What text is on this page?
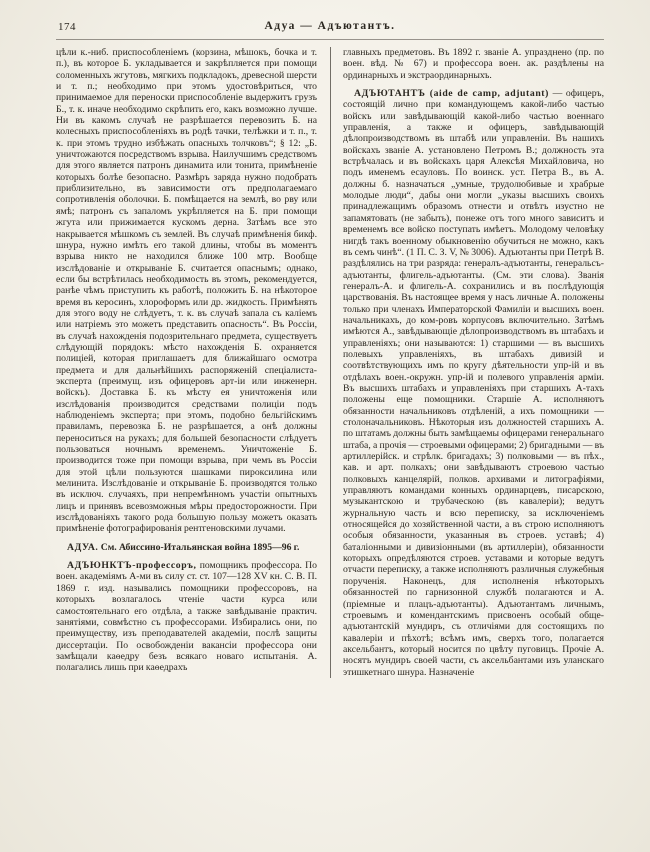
174	Адуа — Адъютантъ.

цѣли к.-ниб. приспособленіемъ (корзина, мѣшокъ, бочка и т. п.), въ которое Б. укладывается и закрѣпляется при помощи соломенныхъ жгутовъ, мягкихъ подкладокъ, древесной шерсти и т. п.; необходимо при этомъ удостовѣриться, что принимаемое для переноски приспособленіе выдержитъ грузъ Б., т. к. иначе необходимо скрѣпить его, какъ возможно лучше. Ни въ какомъ случаѣ не разрѣшается перевозить Б. на колесныхъ приспособленіяхъ въ родѣ тачки, телѣжки и т. п., т. к. при этомъ трудно избѣжать опасныхъ толчковъ“; § 12: „Б. уничтожаются посредствомъ взрыва. Наилучшимъ средствомъ для этого является патронъ динамита или тонита, примѣненіе которыхъ болѣе безопасно. Размѣръ заряда нужно подобрать приблизительно, въ зависимости отъ предполагаемаго сопротивленія оболочки. Б. помѣщается на землѣ, во рву или ямѣ; патронъ съ запаломъ укрѣпляется на Б. при помощи жгута или прижимается кускомъ дерна. Затѣмъ все это накрывается мѣшкомъ съ землей. Въ случаѣ примѣненія бикф. шнура, нужно имѣть его такой длины, чтобы въ моментъ взрыва никто не находился ближе 100 мтр. Вообще изслѣдованіе и открываніе Б. считается опаснымъ; однако, если бы встрѣтилась необходимость въ этомъ, рекомендуется, ранѣе чѣмъ приступить къ работѣ, положить Б. на нѣкоторое время въ керосинъ, хлороформъ или др. жидкость. Примѣнять для этого воду не слѣдуетъ, т. к. въ случаѣ запала съ каліемъ или натріемъ это можетъ представить опасность“. Въ Россіи, въ случаѣ нахожденія подозрительнаго предмета, существуетъ слѣдующій порядокъ: мѣсто нахожденія Б. охраняется полиціей, которая приглашаетъ для ближайшаго осмотра предмета и для дальнѣйшихъ распоряженій спеціалиста-эксперта (преимущ. изъ офицеровъ арт-іи или инженерн. войскъ). Доставка Б. къ мѣсту ея уничтоженія или изслѣдованія производится средствами полиціи подъ наблюденіемъ эксперта; при этомъ, подобно бельгійскимъ правиламъ, перевозка Б. не разрѣшается, а онѣ должны переноситься на рукахъ; для большей безопасности слѣдуетъ пользоваться ночнымъ временемъ. Уничтоженіе Б. производится тоже при помощи взрыва, при чемъ въ Россіи для этой цѣли пользуются шашками пироксилина или мелинита. Изслѣдованіе и открываніе Б. производятся только въ исключ. случаяхъ, при непремѣнномъ участіи опытныхъ лицъ и принявъ всевозможныя мѣры предосторожности. При изслѣдованіяхъ такого рода большую пользу можетъ оказать примѣненіе фотографированія рентгеновскими лучами.

АДУА. См. Абиссино-Итальянская война 1895—96 г.

АДЪЮНКТЪ-профессоръ, помощникъ профессора. По воен. академіямъ А-ми въ силу ст. ст. 107—128 XV кн. С. В. П. 1869 г. изд. назывались помощники профессоровъ, на которыхъ возлагалось чтеніе части курса или самостоятельнаго его отдѣла, а также завѣдываніе практич. занятіями, совмѣстно съ профессорами. Избирались они, по преимуществу, изъ преподавателей академіи, послѣ защиты диссертаціи. По освобожденіи вакансіи профессора они замѣщали каѳедру безъ всякаго новаго испытанія. А. полагались лишь при каѳедрахъ

главныхъ предметовъ. Въ 1892 г. званіе А. упразднено (пр. по воен. вѣд. № 67) и профессора воен. ак. раздѣлены на ординарныхъ и экстраординарныхъ.

АДЪЮТАНТЪ (aide de camp, adjutant) — офицеръ, состоящій лично при командующемъ какой-либо частью войскъ или завѣдывающій какой-либо частью военнаго управленія, а также и офицеръ, завѣдывающій дѣлопроизводствомъ въ штабѣ или управленіи. Въ нашихъ войскахъ званіе А. установлено Петромъ В.; должность эта встрѣчалась и въ войскахъ царя Алексѣя Михайловича, но подъ именемъ есауловъ. По воинск. уст. Петра В., въ А. должны б. назначаться „умные, трудолюбивые и храбрые молодые люди“, дабы они могли „указы высшихъ своихъ принадлежащимъ образомъ отнести и отвѣтъ изустно не запамятовать (не забыть), понеже отъ того много зависитъ и временемъ все войско поступать имѣетъ. Молодому человѣку нигдѣ такъ военному обыкновенію обучиться не можно, какъ въ семъ чинѣ“. (1 П. С. З. V, № 3006). Адъютанты при Петрѣ В. раздѣлялись на три разряда: генералъ-адъютанты, генеральсъ-адъютанты, флигель-адъютанты. (См. эти слова). Званія генералъ-А. и флигель-А. сохранились и въ послѣдующія царствованія. Въ настоящее время у насъ личные А. положены только при членахъ Императорской Фамиліи и высшихъ воен. начальникахъ, до ком-ровъ корпусовъ включительно. Затѣмъ имѣются А., завѣдывающіе дѣлопроизводствомъ въ штабахъ и управленіяхъ; они называются: 1) старшими — въ высшихъ полевыхъ управленіяхъ, въ штабахъ дивизій и соотвѣтствующихъ имъ по кругу дѣятельности упр-ій и въ отдѣлахъ воен.-окружн. упр-ій и полевого управленія арміи. Въ высшихъ штабахъ и управленіяхъ при старшихъ А-тахъ положены еще помощники. Старшіе А. исполняютъ обязанности начальниковъ отдѣленій, а ихъ помощники — столоначальниковъ. Нѣкоторыя изъ должностей старшихъ А. по штатамъ должны быть замѣщаемы офицерами генеральнаго штаба, а прочія — строевыми офицерами; 2) бригадными — въ артиллерійск. и стрѣлк. бригадахъ; 3) полковыми — въ пѣх., кав. и арт. полкахъ; они завѣдываютъ строевою частью полковыхъ канцелярій, полков. архивами и литографіями, управляютъ командами конныхъ ординарцевъ, писарскою, музыкантскою и трубаческою (въ кавалеріи); ведутъ журнальную часть и всю переписку, за исключеніемъ относящейся до хозяйственной части, а въ строю исполняютъ особыя обязанности, указанныя въ строев. уставѣ; 4) баталіонными и дивизіонными (въ артиллеріи), обязанности которыхъ опредѣляются строев. уставами и которые ведутъ отчасти переписку, а также исполняютъ различныя служебныя порученія. Наконецъ, для исполненія нѣкоторыхъ обязанностей по гарнизонной службѣ полагаются и А. (пріемные и плацъ-адъютанты). Адъютантамъ личнымъ, строевымъ и комендантскимъ присвоенъ особый обще-адъютантскій мундиръ, съ отличіями для состоящихъ по кавалеріи и пѣхотѣ; всѣмъ имъ, сверхъ того, полагается аксельбантъ, который носится по цвѣту пуговицъ. Прочіе А. носятъ мундиръ своей части, съ аксельбантами изъ уланскаго этишкетнаго шнура. Назначеніе
